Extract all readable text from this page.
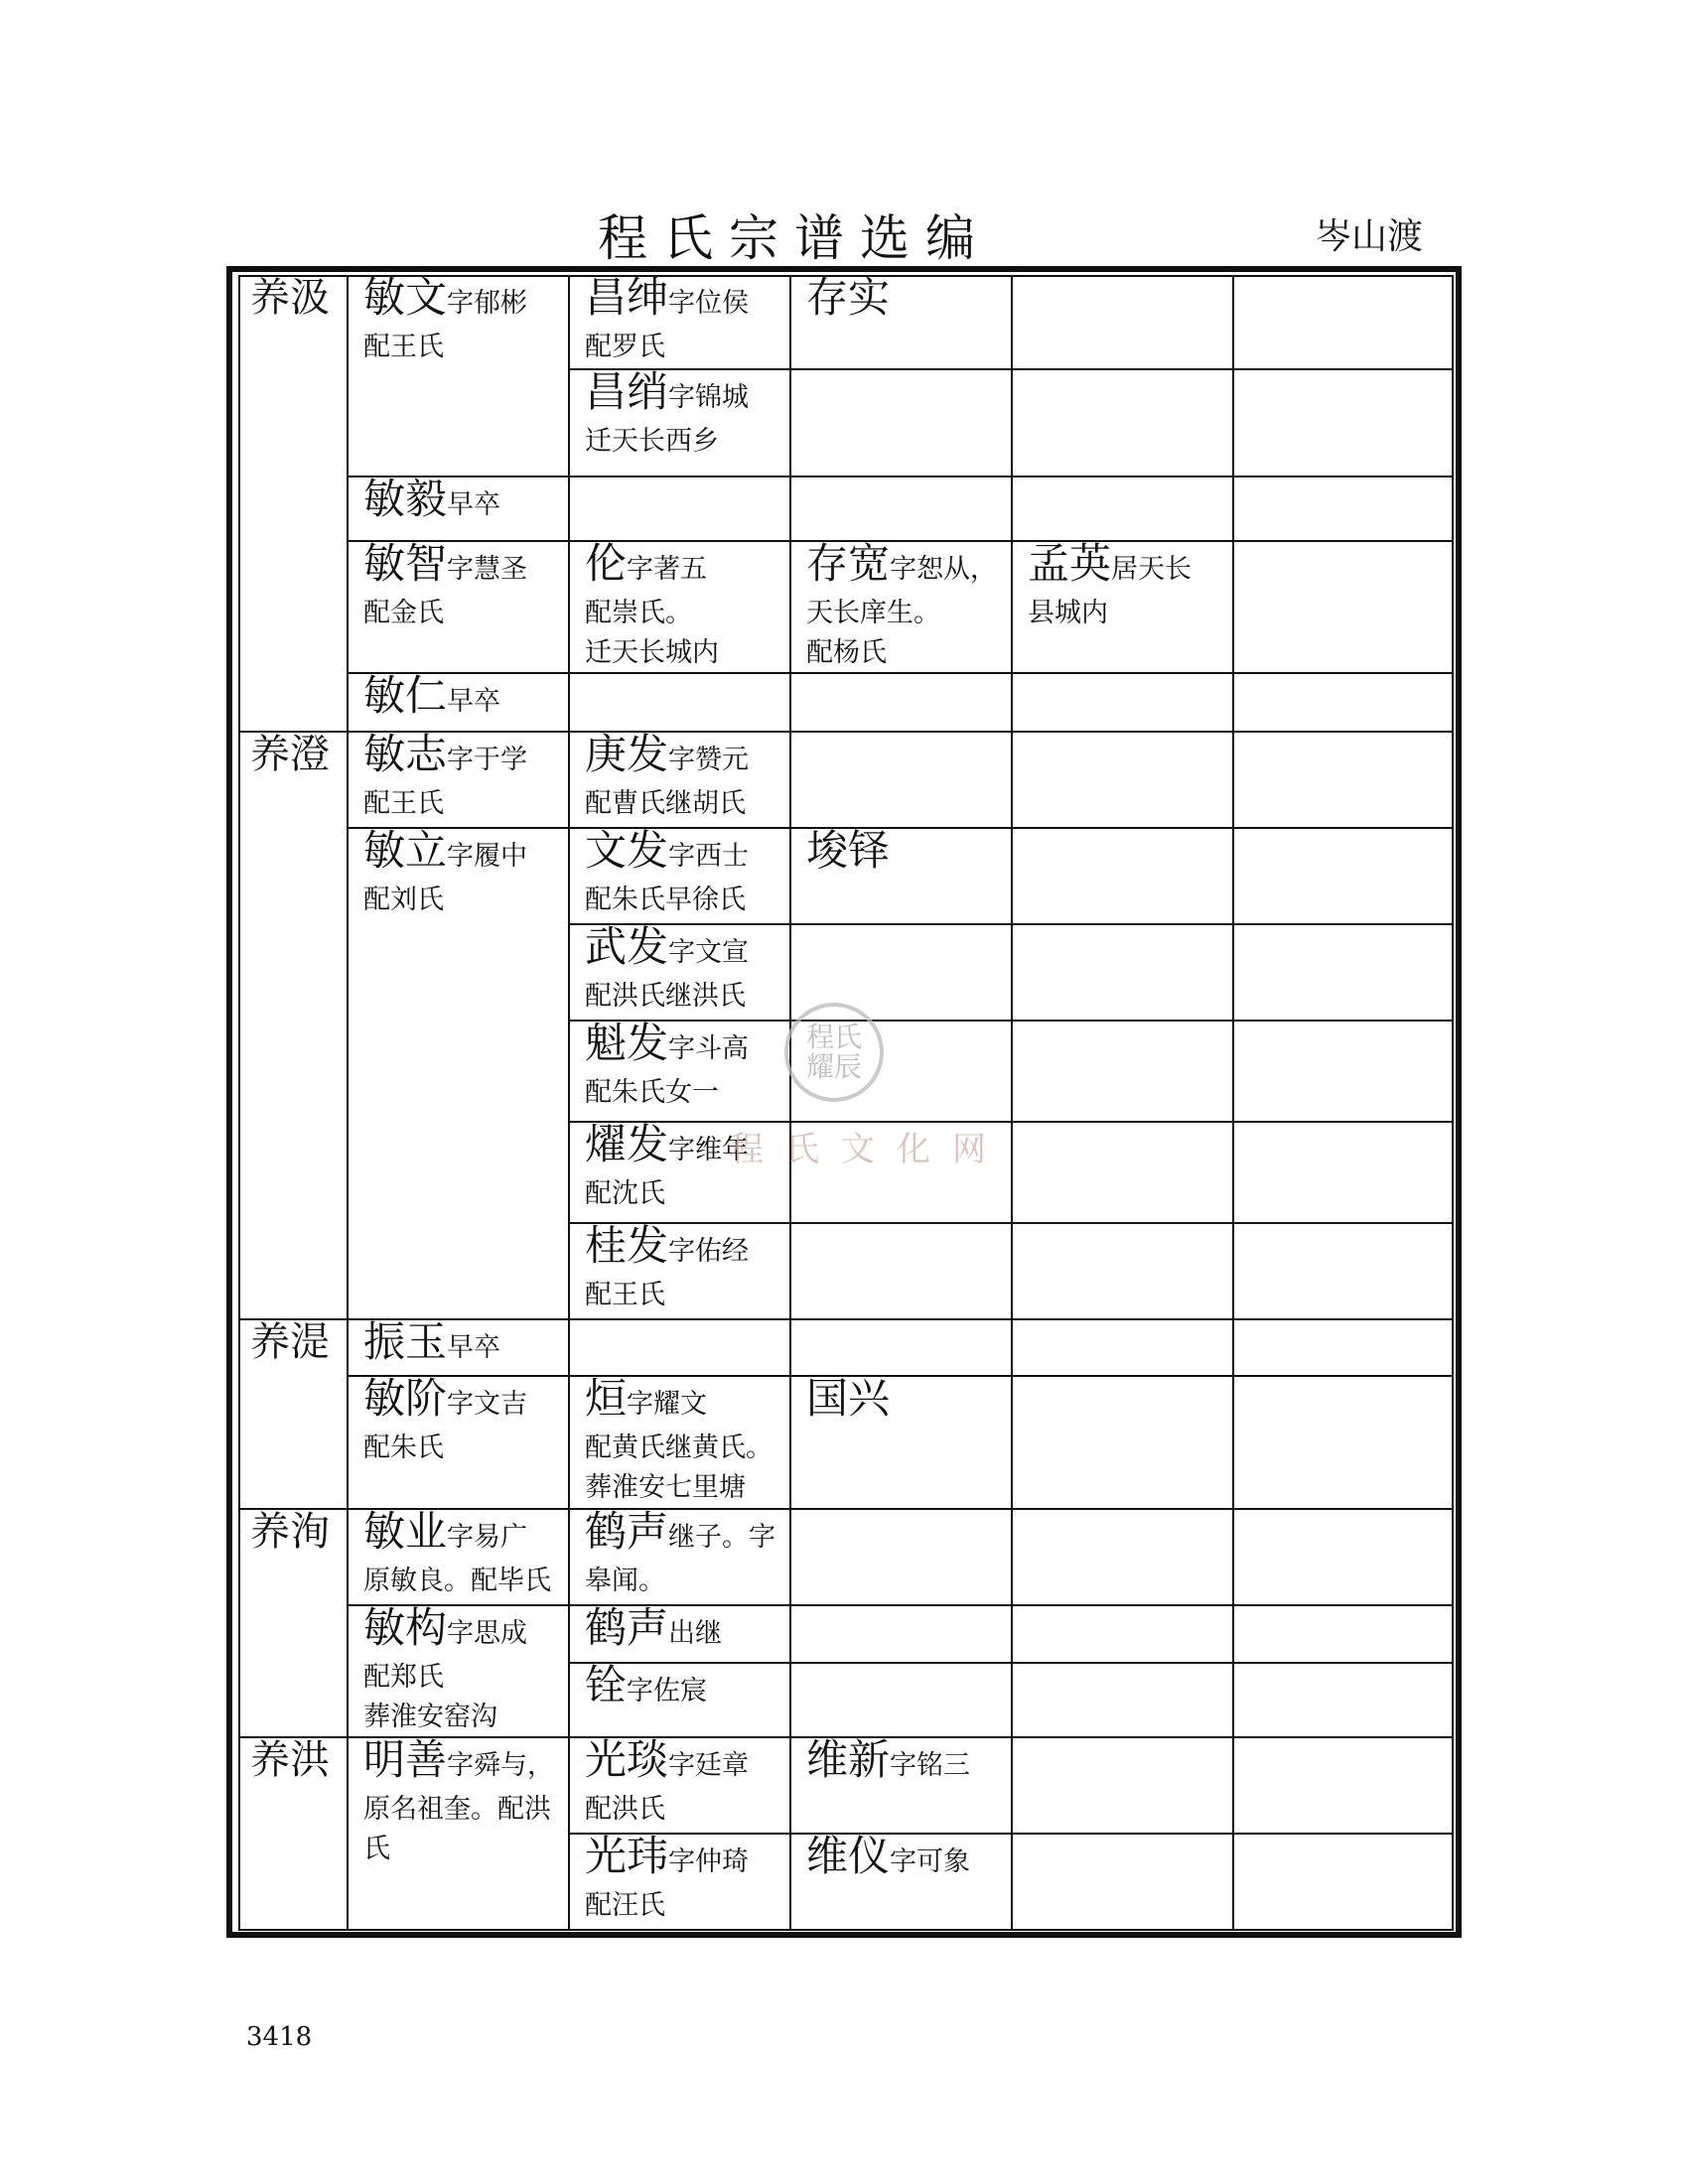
程氏宗谱选编	岑山渡
养汲 敏文字郁彬
配王氏
昌绅字位侯
配罗氏
存实
昌绡字锦城
迁天长西乡
敏毅早卒
敏智字慧圣
配金氏
伦字著五
配崇氏。
迁天长城内
存宽字恕从，
天长庠生。
配杨氏
孟英居天长
县城内
敏仁早卒
养澄 敏志字于学
配王氏
庚发字赞元
配曹氏继胡氏
敏立字履中
配刘氏
文发字西士
配朱氏早徐氏
埈铎
武发字文宣
配洪氏继洪氏
魁发字斗高
配朱氏女一
燿发字维年
配沈氏
桂发字佑经
配王氏
养湜 振玉早卒
敏阶字文吉
配朱氏
烜字耀文
配黄氏继黄氏。
葬淮安七里塘
国兴
养洵 敏业字易广
原敏良。配毕氏
鹤声继子。字
皋闻。
敏构字思成
配郑氏
葬淮安窑沟
鹤声出继
铨字佐宸
养洪 明善字舜与，
原名祖奎。配洪
氏
光琰字廷章
配洪氏
维新字铭三
光玮字仲琦
配汪氏
维仪字可象
程氏 耀辰
程氏文化网
3418
